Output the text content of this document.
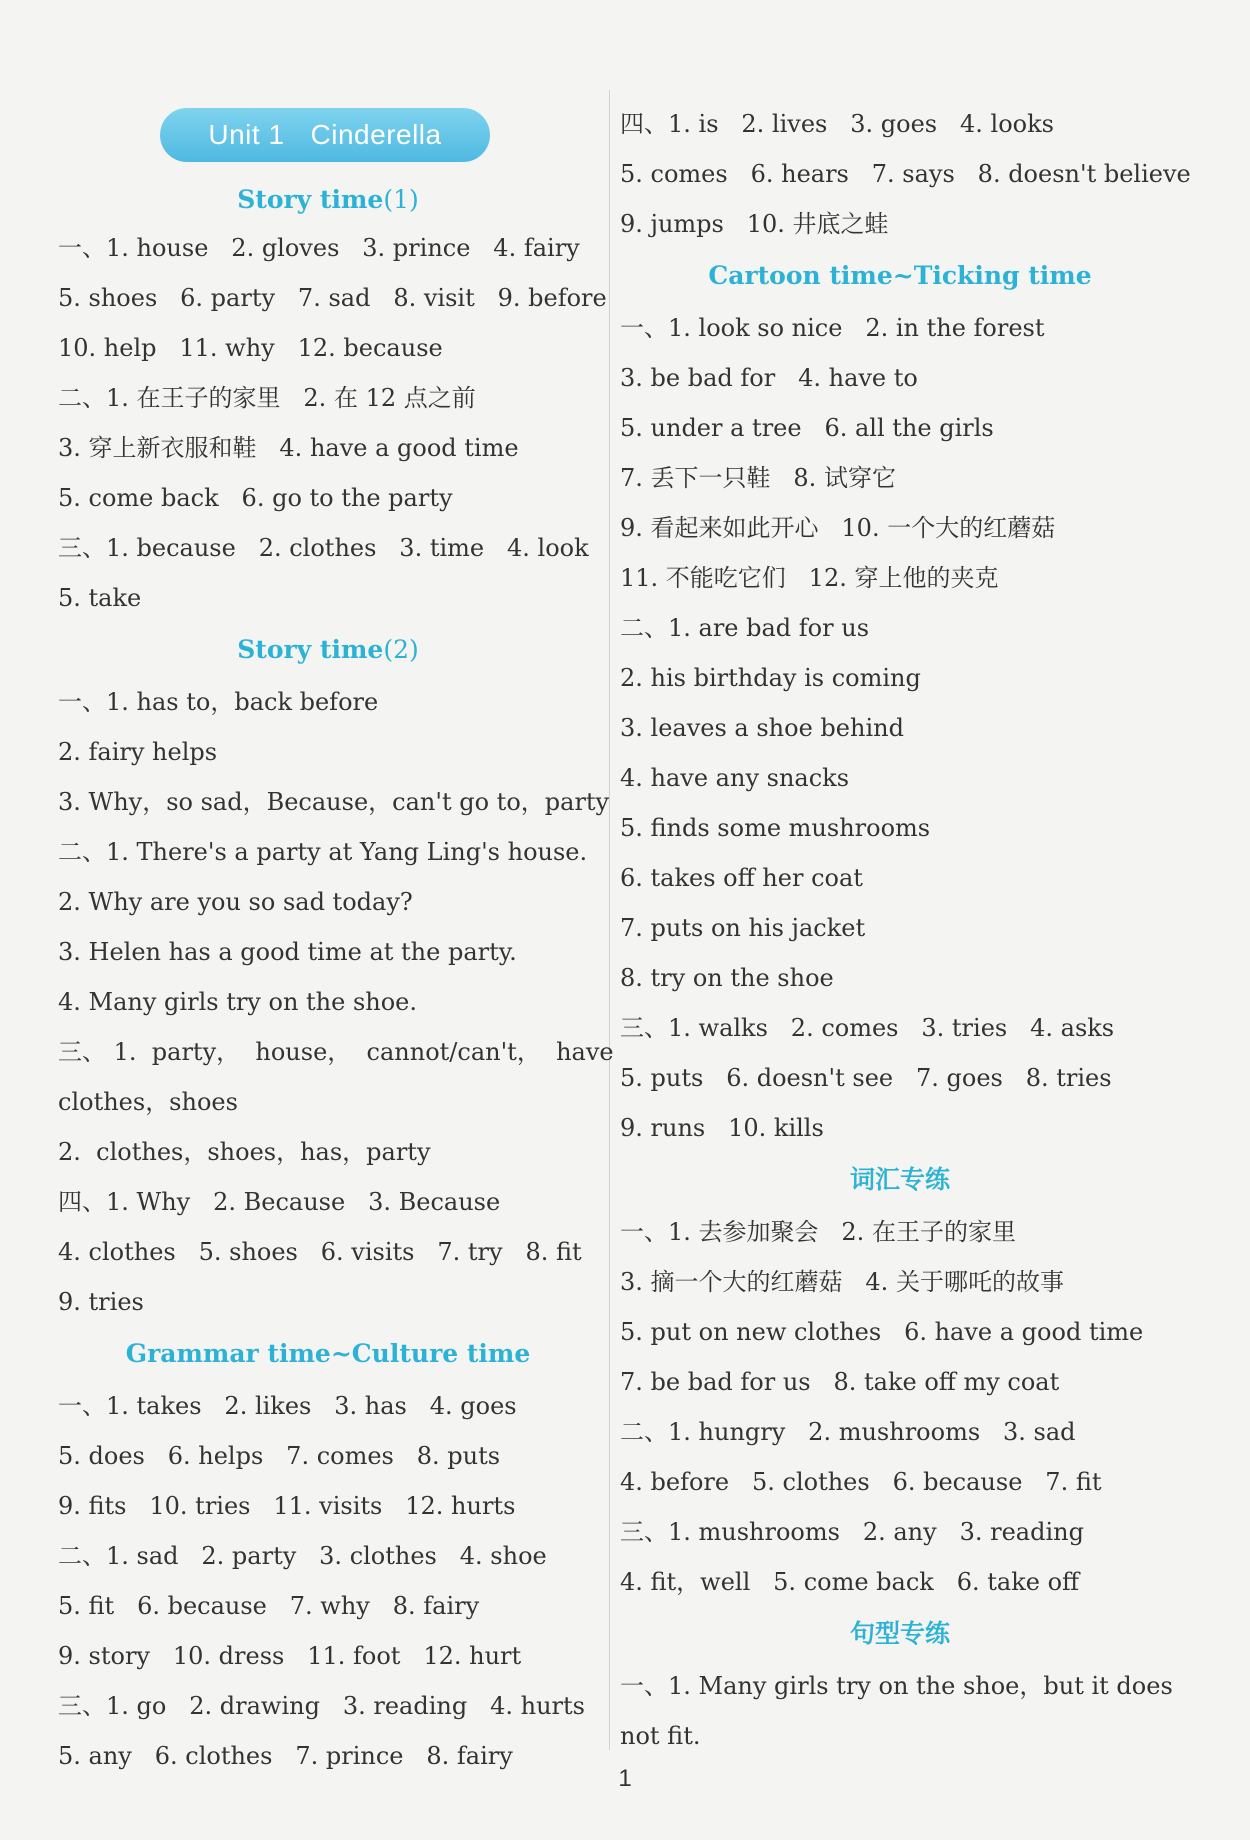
Unit 1 Cinderella
Story time(1)
一、1. house   2. gloves   3. prince   4. fairy
5. shoes   6. party   7. sad   8. visit   9. before
10. help   11. why   12. because
二、1. 在王子的家里   2. 在 12 点之前
3. 穿上新衣服和鞋   4. have a good time
5. come back   6. go to the party
三、1. because   2. clothes   3. time   4. look
5. take
Story time(2)
一、1. has to，back before
2. fairy helps
3. Why，so sad，Because，can't go to，party
二、1. There's a party at Yang Ling's house.
2. Why are you so sad today?
3. Helen has a good time at the party.
4. Many girls try on the shoe.
三、 1.  party，  house，  cannot/can't，  have
clothes，shoes
2.  clothes，shoes，has，party
四、1. Why   2. Because   3. Because
4. clothes   5. shoes   6. visits   7. try   8. fit
9. tries
Grammar time~Culture time
一、1. takes   2. likes   3. has   4. goes
5. does   6. helps   7. comes   8. puts
9. fits   10. tries   11. visits   12. hurts
二、1. sad   2. party   3. clothes   4. shoe
5. fit   6. because   7. why   8. fairy
9. story   10. dress   11. foot   12. hurt
三、1. go   2. drawing   3. reading   4. hurts
5. any   6. clothes   7. prince   8. fairy
四、1. is   2. lives   3. goes   4. looks
5. comes   6. hears   7. says   8. doesn't believe
9. jumps   10. 井底之蛙
Cartoon time~Ticking time
一、1. look so nice   2. in the forest
3. be bad for   4. have to
5. under a tree   6. all the girls
7. 丢下一只鞋   8. 试穿它
9. 看起来如此开心   10. 一个大的红蘑菇
11. 不能吃它们   12. 穿上他的夹克
二、1. are bad for us
2. his birthday is coming
3. leaves a shoe behind
4. have any snacks
5. finds some mushrooms
6. takes off her coat
7. puts on his jacket
8. try on the shoe
三、1. walks   2. comes   3. tries   4. asks
5. puts   6. doesn't see   7. goes   8. tries
9. runs   10. kills
词汇专练
一、1. 去参加聚会   2. 在王子的家里
3. 摘一个大的红蘑菇   4. 关于哪吒的故事
5. put on new clothes   6. have a good time
7. be bad for us   8. take off my coat
二、1. hungry   2. mushrooms   3. sad
4. before   5. clothes   6. because   7. fit
三、1. mushrooms   2. any   3. reading
4. fit，well   5. come back   6. take off
句型专练
一、1. Many girls try on the shoe，but it does
not fit.
1
